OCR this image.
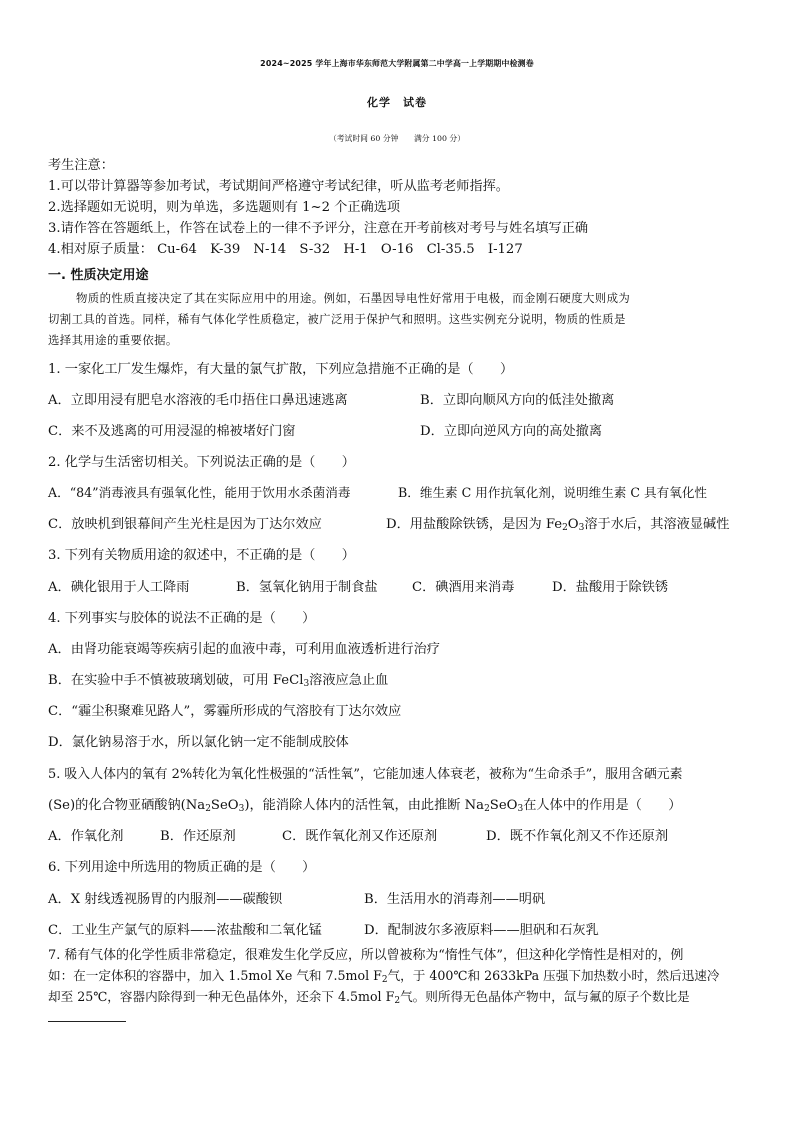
2024~2025 学年上海市华东师范大学附属第二中学高一上学期期中检测卷
化学　试卷
（考试时间 60 分钟　　满分 100 分）
考生注意：
1.可以带计算器等参加考试，考试期间严格遵守考试纪律，听从监考老师指挥。
2.选择题如无说明，则为单选，多选题则有 1~2 个正确选项
3.请作答在答题纸上，作答在试卷上的一律不予评分，注意在开考前核对考号与姓名填写正确
4.相对原子质量： Cu-64　K-39　N-14　S-32　H-1　O-16　Cl-35.5　I-127
一. 性质决定用途
物质的性质直接决定了其在实际应用中的用途。例如，石墨因导电性好常用于电极，而金刚石硬度大则成为
切割工具的首选。同样，稀有气体化学性质稳定，被广泛用于保护气和照明。这些实例充分说明，物质的性质是
选择其用途的重要依据。
1. 一家化工厂发生爆炸，有大量的氯气扩散，下列应急措施不正确的是（　　）
A．立即用浸有肥皂水溶液的毛巾捂住口鼻迅速逃离	B．立即向顺风方向的低洼处撤离
C．来不及逃离的可用浸湿的棉被堵好门窗	D．立即向逆风方向的高处撤离
2. 化学与生活密切相关。下列说法正确的是（　　）
A．“84”消毒液具有强氧化性，能用于饮用水杀菌消毒	B．维生素 C 用作抗氧化剂，说明维生素 C 具有氧化性
C．放映机到银幕间产生光柱是因为丁达尔效应	D．用盐酸除铁锈，是因为 $Fe_2O_3$溶于水后，其溶液显碱性
3. 下列有关物质用途的叙述中，不正确的是（　　）
A．碘化银用于人工降雨	B．氢氧化钠用于制食盐	C．碘酒用来消毒	D．盐酸用于除铁锈
4. 下列事实与胶体的说法不正确的是（　　）
A．由肾功能衰竭等疾病引起的血液中毒，可利用血液透析进行治疗
B．在实验中手不慎被玻璃划破，可用 FeCl$_3$溶液应急止血
C．“霾尘积聚难见路人”，雾霾所形成的气溶胶有丁达尔效应
D．氯化钠易溶于水，所以氯化钠一定不能制成胶体
5. 吸入人体内的氧有 2%转化为氧化性极强的“活性氧”，它能加速人体衰老，被称为“生命杀手”，服用含硒元素
(Se)的化合物亚硒酸钠$(Na_2SeO_3)$，能消除人体内的活性氧，由此推断 $Na_2SeO_3$在人体中的作用是（　　）
A．作氧化剂	B．作还原剂	C．既作氧化剂又作还原剂	D．既不作氧化剂又不作还原剂
6. 下列用途中所选用的物质正确的是（　　）
A．X 射线透视肠胃的内服剂——碳酸钡	B．生活用水的消毒剂——明矾
C．工业生产氯气的原料——浓盐酸和二氧化锰	D．配制波尔多液原料——胆矾和石灰乳
7. 稀有气体的化学性质非常稳定，很难发生化学反应，所以曾被称为“惰性气体”，但这种化学惰性是相对的，例
如：在一定体积的容器中，加入 1.5mol Xe 气和 7.5mol $F_2$气，于 400℃和 2633kPa 压强下加热数小时，然后迅速冷
却至 25℃，容器内除得到一种无色晶体外，还余下 4.5mol $F_2$气。则所得无色晶体产物中，氙与氟的原子个数比是
